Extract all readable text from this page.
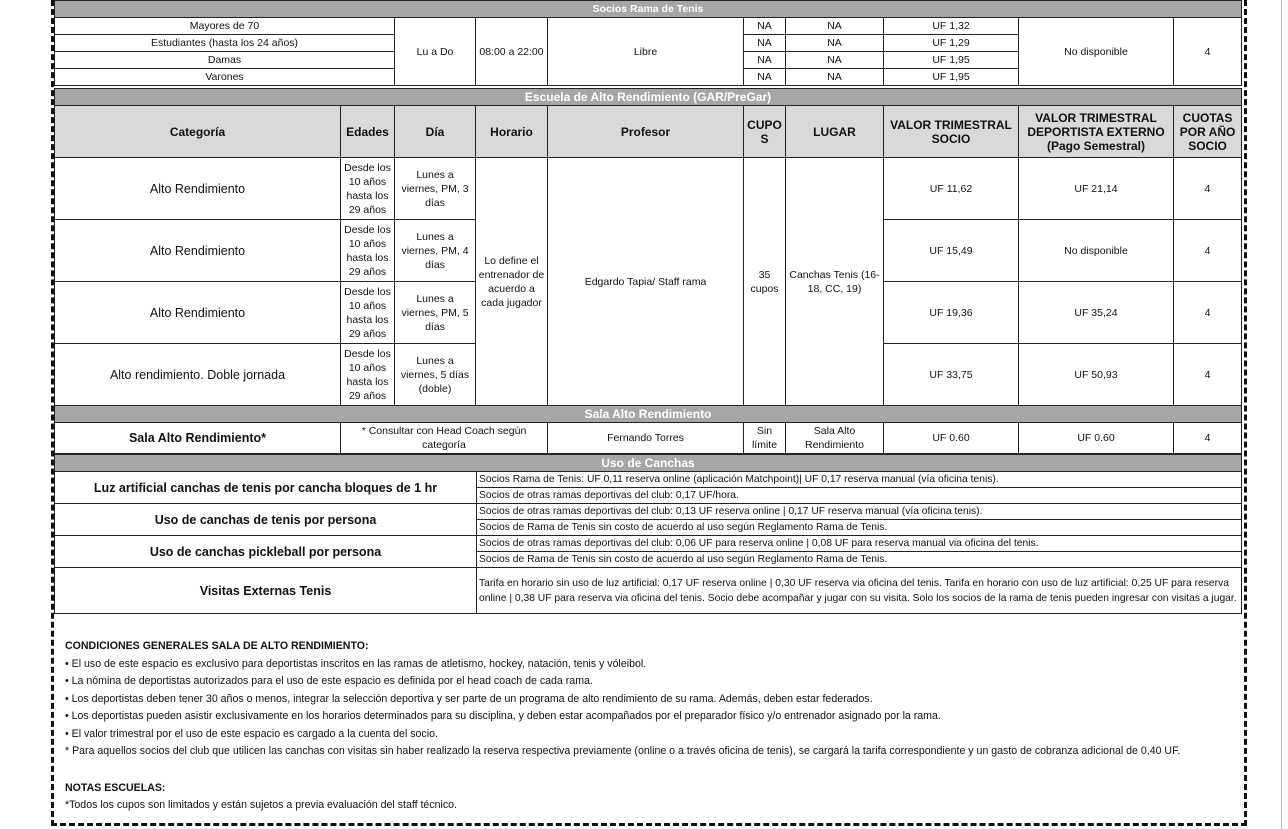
Socios Rama de Tenis								
Mayores de 70	Lu a Do	08:00 a 22:00	Libre	NA	NA	UF 1,32	No disponible	4
Estudiantes (hasta los 24 años)				NA	NA	UF 1,29		
Damas				NA	NA	UF 1,95		
Varones				NA	NA	UF 1,95		
Escuela de Alto Rendimiento (GAR/PreGar)									
Categoría	Edades	Día	Horario	Profesor	CUPOS	LUGAR	VALOR TRIMESTRAL SOCIO	VALOR TRIMESTRAL DEPORTISTA EXTERNO (Pago Semestral)	CUOTAS POR AÑO SOCIO
Alto Rendimiento	Desde los 10 años hasta los 29 años	Lunes a viernes, PM, 3 días	Lo define el entrenador de acuerdo a cada jugador	Edgardo Tapia/ Staff rama	35 cupos	Canchas Tenis (16-18, CC, 19)	UF 11,62	UF 21,14	4
Alto Rendimiento	Desde los 10 años hasta los 29 años	Lunes a viernes, PM, 4 días					UF 15,49	No disponible	4
Alto Rendimiento	Desde los 10 años hasta los 29 años	Lunes a viernes, PM, 5 días					UF 19,36	UF 35,24	4
Alto rendimiento. Doble jornada	Desde los 10 años hasta los 29 años	Lunes a viernes, 5 días (doble)					UF 33,75	UF 50,93	4
Sala Alto Rendimiento
Sala Alto Rendimiento*	* Consultar con Head Coach según categoría	Fernando Torres	Sin límite	Sala Alto Rendimiento	UF 0.60	UF 0.60	4
Uso de Canchas	
Luz artificial canchas de tenis por cancha bloques de 1 hr	Socios Rama de Tenis: UF 0,11 reserva online (aplicación Matchpoint)| UF 0,17 reserva manual (vía oficina tenis).
	Socios de otras ramas deportivas del club: 0,17 UF/hora.
Uso de canchas de tenis por persona	Socios de otras ramas deportivas del club: 0,13 UF reserva online | 0,17 UF reserva manual (vía oficina tenis).
	Socios de Rama de Tenis sin costo de acuerdo al uso según Reglamento Rama de Tenis.
Uso de canchas pickleball por persona	Socios de otras ramas deportivas del club: 0,06 UF para reserva online | 0,08 UF para reserva manual via oficina del tenis.
	Socios de Rama de Tenis sin costo de acuerdo al uso según Reglamento Rama de Tenis.
Visitas Externas Tenis	Tarifa en horario sin uso de luz artificial: 0,17 UF reserva online | 0,30 UF reserva via oficina del tenis. Tarifa en horario con uso de luz artificial: 0,25 UF para reserva online | 0,38 UF para reserva via oficina del tenis. Socio debe acompañar y jugar con su visita. Solo los socios de la rama de tenis pueden ingresar con visitas a jugar.
CONDICIONES GENERALES SALA DE ALTO RENDIMIENTO:
• El uso de este espacio es exclusivo para deportistas inscritos en las ramas de atletismo, hockey, natación, tenis y vóleibol.
• La nómina de deportistas autorizados para el uso de este espacio es definida por el head coach de cada rama.
• Los deportistas deben tener 30 años o menos, integrar la selección deportiva y ser parte de un programa de alto rendimiento de su rama. Además, deben estar federados.
• Los deportistas pueden asistir exclusivamente en los horarios determinados para su disciplina, y deben estar acompañados por el preparador físico y/o entrenador asignado por la rama.
• El valor trimestral por el uso de este espacio es cargado a la cuenta del socio.
* Para aquellos socios del club que utilicen las canchas con visitas sin haber realizado la reserva respectiva previamente (online o a través oficina de tenis), se cargará la tarifa correspondiente y un gasto de cobranza adicional de 0,40 UF.
NOTAS ESCUELAS:
*Todos los cupos son limitados y están sujetos a previa evaluación del staff técnico.
